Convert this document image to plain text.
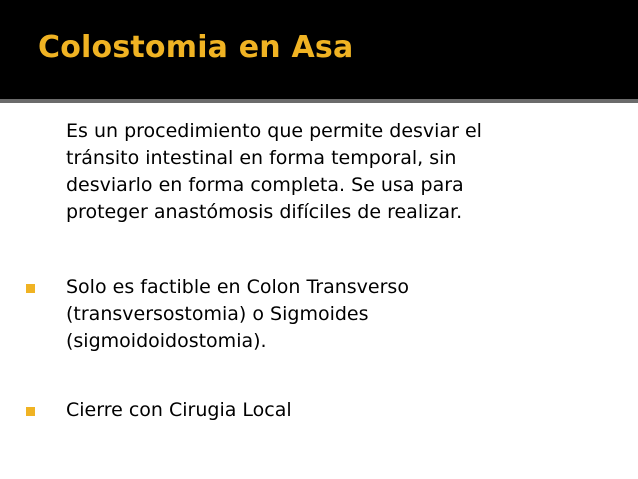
Colostomia en Asa
Es un procedimiento que permite desviar el
tránsito intestinal en forma temporal, sin
desviarlo en forma completa. Se usa para
proteger anastómosis difíciles de realizar.
Solo es factible en Colon Transverso
(transversostomia) o Sigmoides
(sigmoidoidostomia).
Cierre con Cirugia Local
